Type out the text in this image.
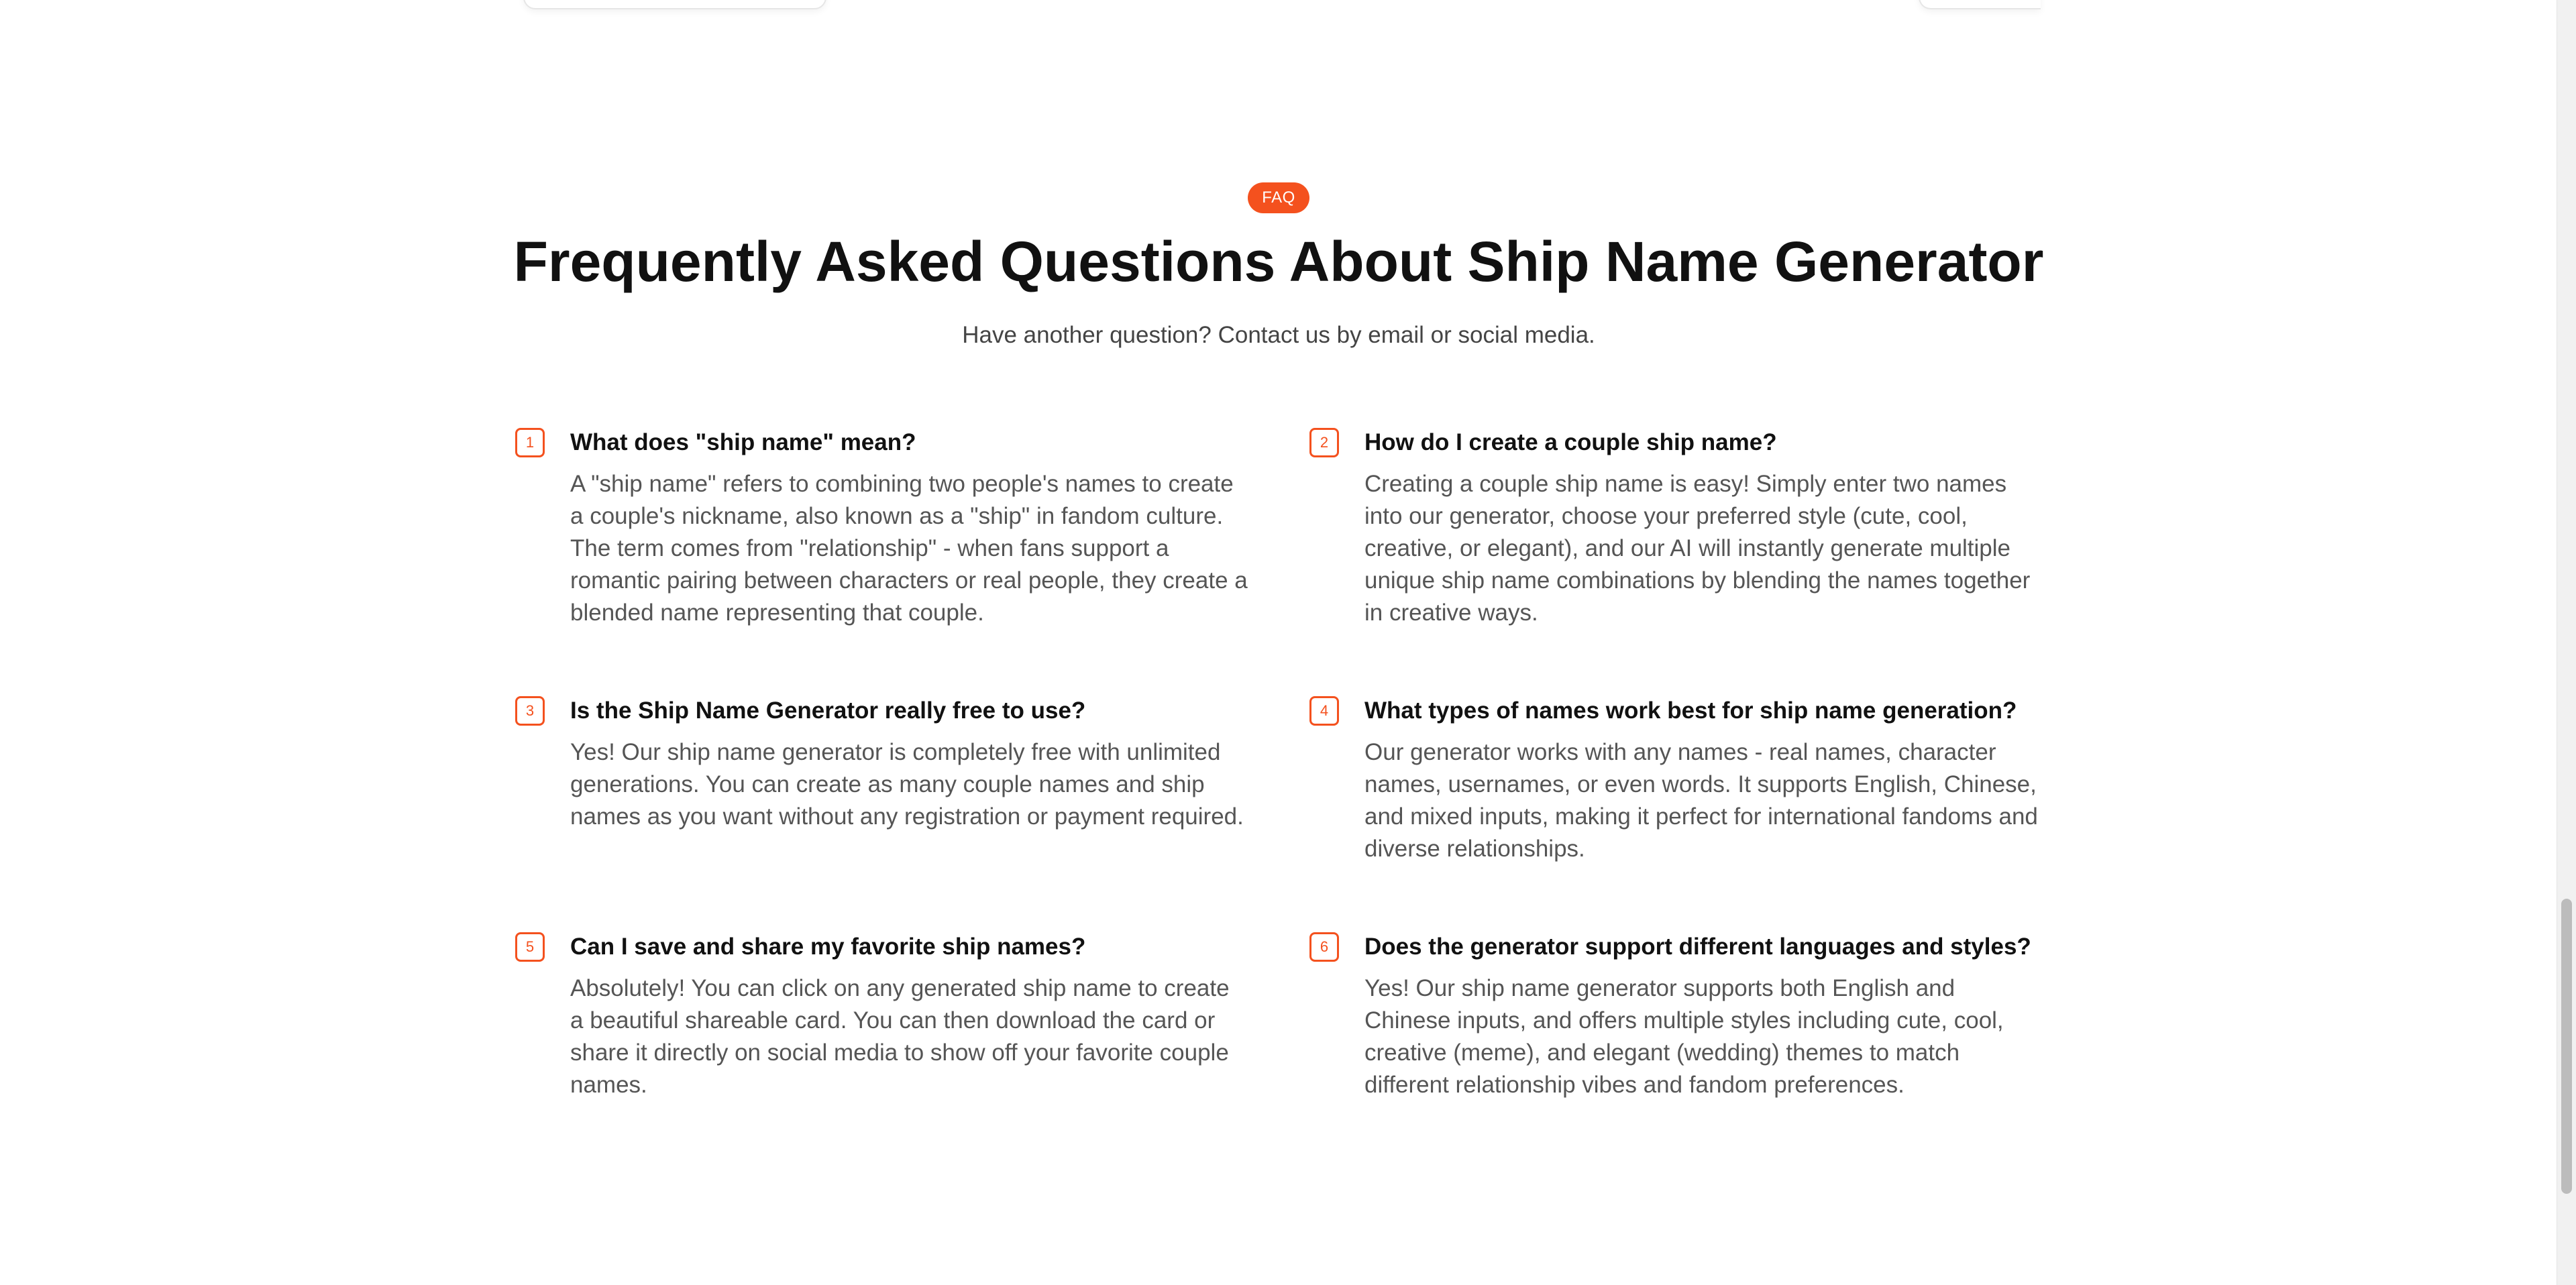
FAQ
Frequently Asked Questions About Ship Name Generator
Have another question? Contact us by email or social media.
1	What does "ship name" mean?

A "ship name" refers to combining two people's names to create a couple's nickname, also known as a "ship" in fandom culture. The term comes from "relationship" - when fans support a romantic pairing between characters or real people, they create a blended name representing that couple.

2	How do I create a couple ship name?

Creating a couple ship name is easy! Simply enter two names into our generator, choose your preferred style (cute, cool, creative, or elegant), and our AI will instantly generate multiple unique ship name combinations by blending the names together in creative ways.

3	Is the Ship Name Generator really free to use?

Yes! Our ship name generator is completely free with unlimited generations. You can create as many couple names and ship names as you want without any registration or payment required.

4	What types of names work best for ship name generation?

Our generator works with any names - real names, character names, usernames, or even words. It supports English, Chinese, and mixed inputs, making it perfect for international fandoms and diverse relationships.

5	Can I save and share my favorite ship names?

Absolutely! You can click on any generated ship name to create a beautiful shareable card. You can then download the card or share it directly on social media to show off your favorite couple names.

6	Does the generator support different languages and styles?

Yes! Our ship name generator supports both English and Chinese inputs, and offers multiple styles including cute, cool, creative (meme), and elegant (wedding) themes to match different relationship vibes and fandom preferences.
